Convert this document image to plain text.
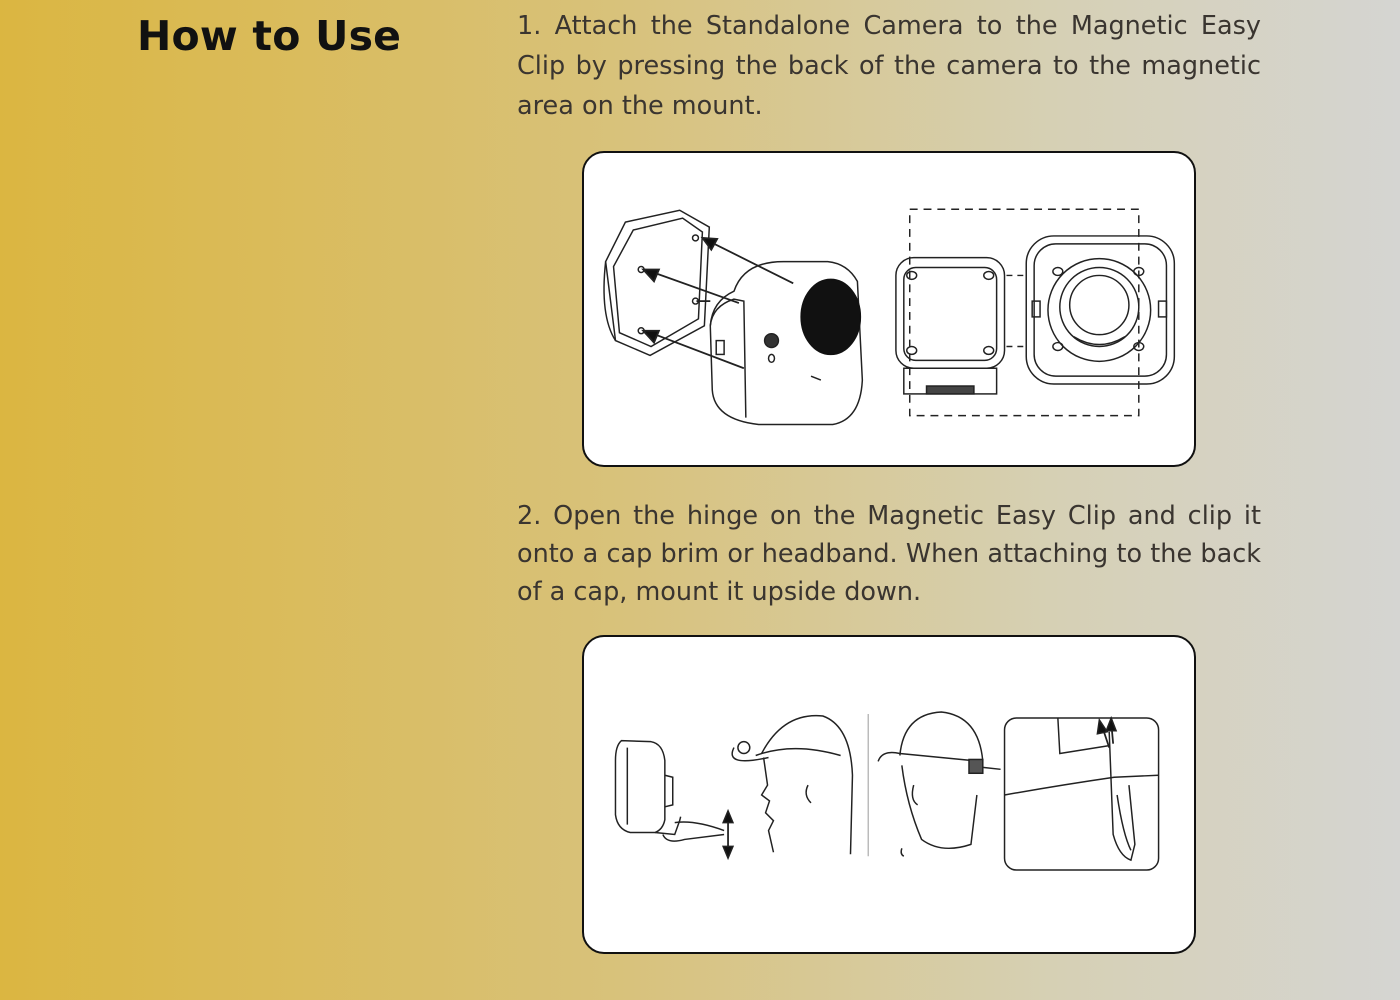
How to Use	1. Attach the Standalone Camera to the Magnetic Easy Clip by pressing the back of the camera to the magnetic area on the mount.

2. Open the hinge on the Magnetic Easy Clip and clip it onto a cap brim or headband. When attaching to the back of a cap, mount it upside down.
